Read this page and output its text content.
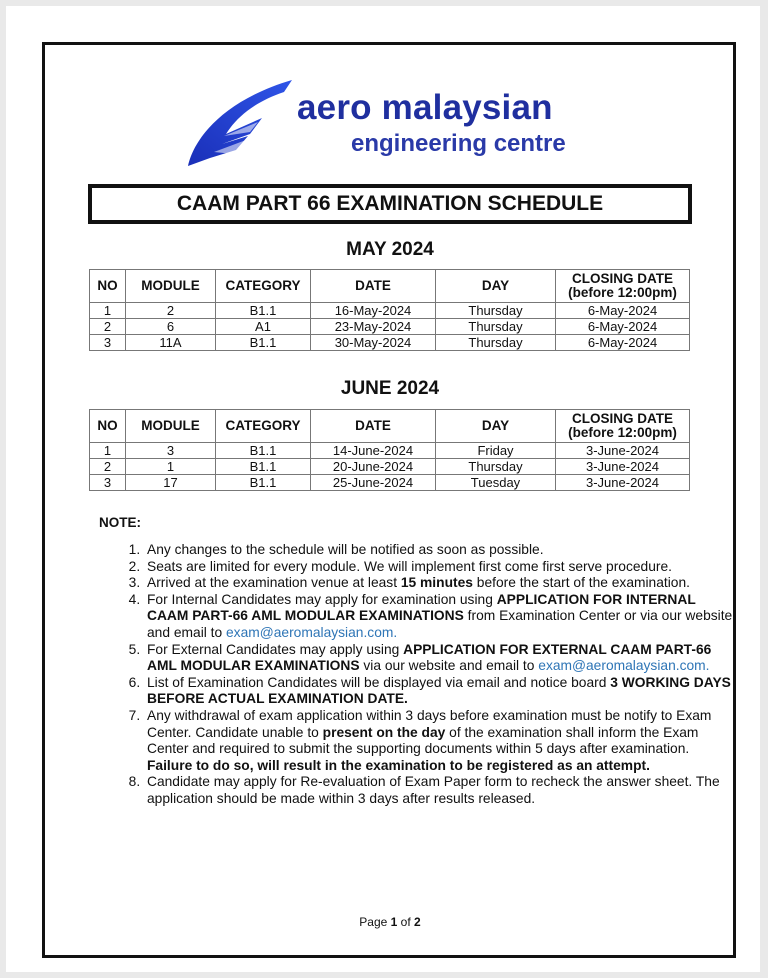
aero malaysian
engineering centre
CAAM PART 66 EXAMINATION SCHEDULE
MAY 2024
NO	MODULE	CATEGORY	DATE	DAY	CLOSING DATE
(before 12:00pm)
1	2	B1.1	16-May-2024	Thursday	6-May-2024
2	6	A1	23-May-2024	Thursday	6-May-2024
3	11A	B1.1	30-May-2024	Thursday	6-May-2024
JUNE 2024
NO	MODULE	CATEGORY	DATE	DAY	CLOSING DATE
(before 12:00pm)
1	3	B1.1	14-June-2024	Friday	3-June-2024
2	1	B1.1	20-June-2024	Thursday	3-June-2024
3	17	B1.1	25-June-2024	Tuesday	3-June-2024
NOTE:
1. Any changes to the schedule will be notified as soon as possible.
2. Seats are limited for every module. We will implement first come first serve procedure.
3. Arrived at the examination venue at least 15 minutes before the start of the examination.
4. For Internal Candidates may apply for examination using APPLICATION FOR INTERNAL CAAM PART-66 AML MODULAR EXAMINATIONS from Examination Center or via our website and email to exam@aeromalaysian.com.
5. For External Candidates may apply using APPLICATION FOR EXTERNAL CAAM PART-66 AML MODULAR EXAMINATIONS via our website and email to exam@aeromalaysian.com.
6. List of Examination Candidates will be displayed via email and notice board 3 WORKING DAYS BEFORE ACTUAL EXAMINATION DATE.
7. Any withdrawal of exam application within 3 days before examination must be notify to Exam Center. Candidate unable to present on the day of the examination shall inform the Exam Center and required to submit the supporting documents within 5 days after examination. Failure to do so, will result in the examination to be registered as an attempt.
8. Candidate may apply for Re-evaluation of Exam Paper form to recheck the answer sheet. The application should be made within 3 days after results released.
Page 1 of 2
